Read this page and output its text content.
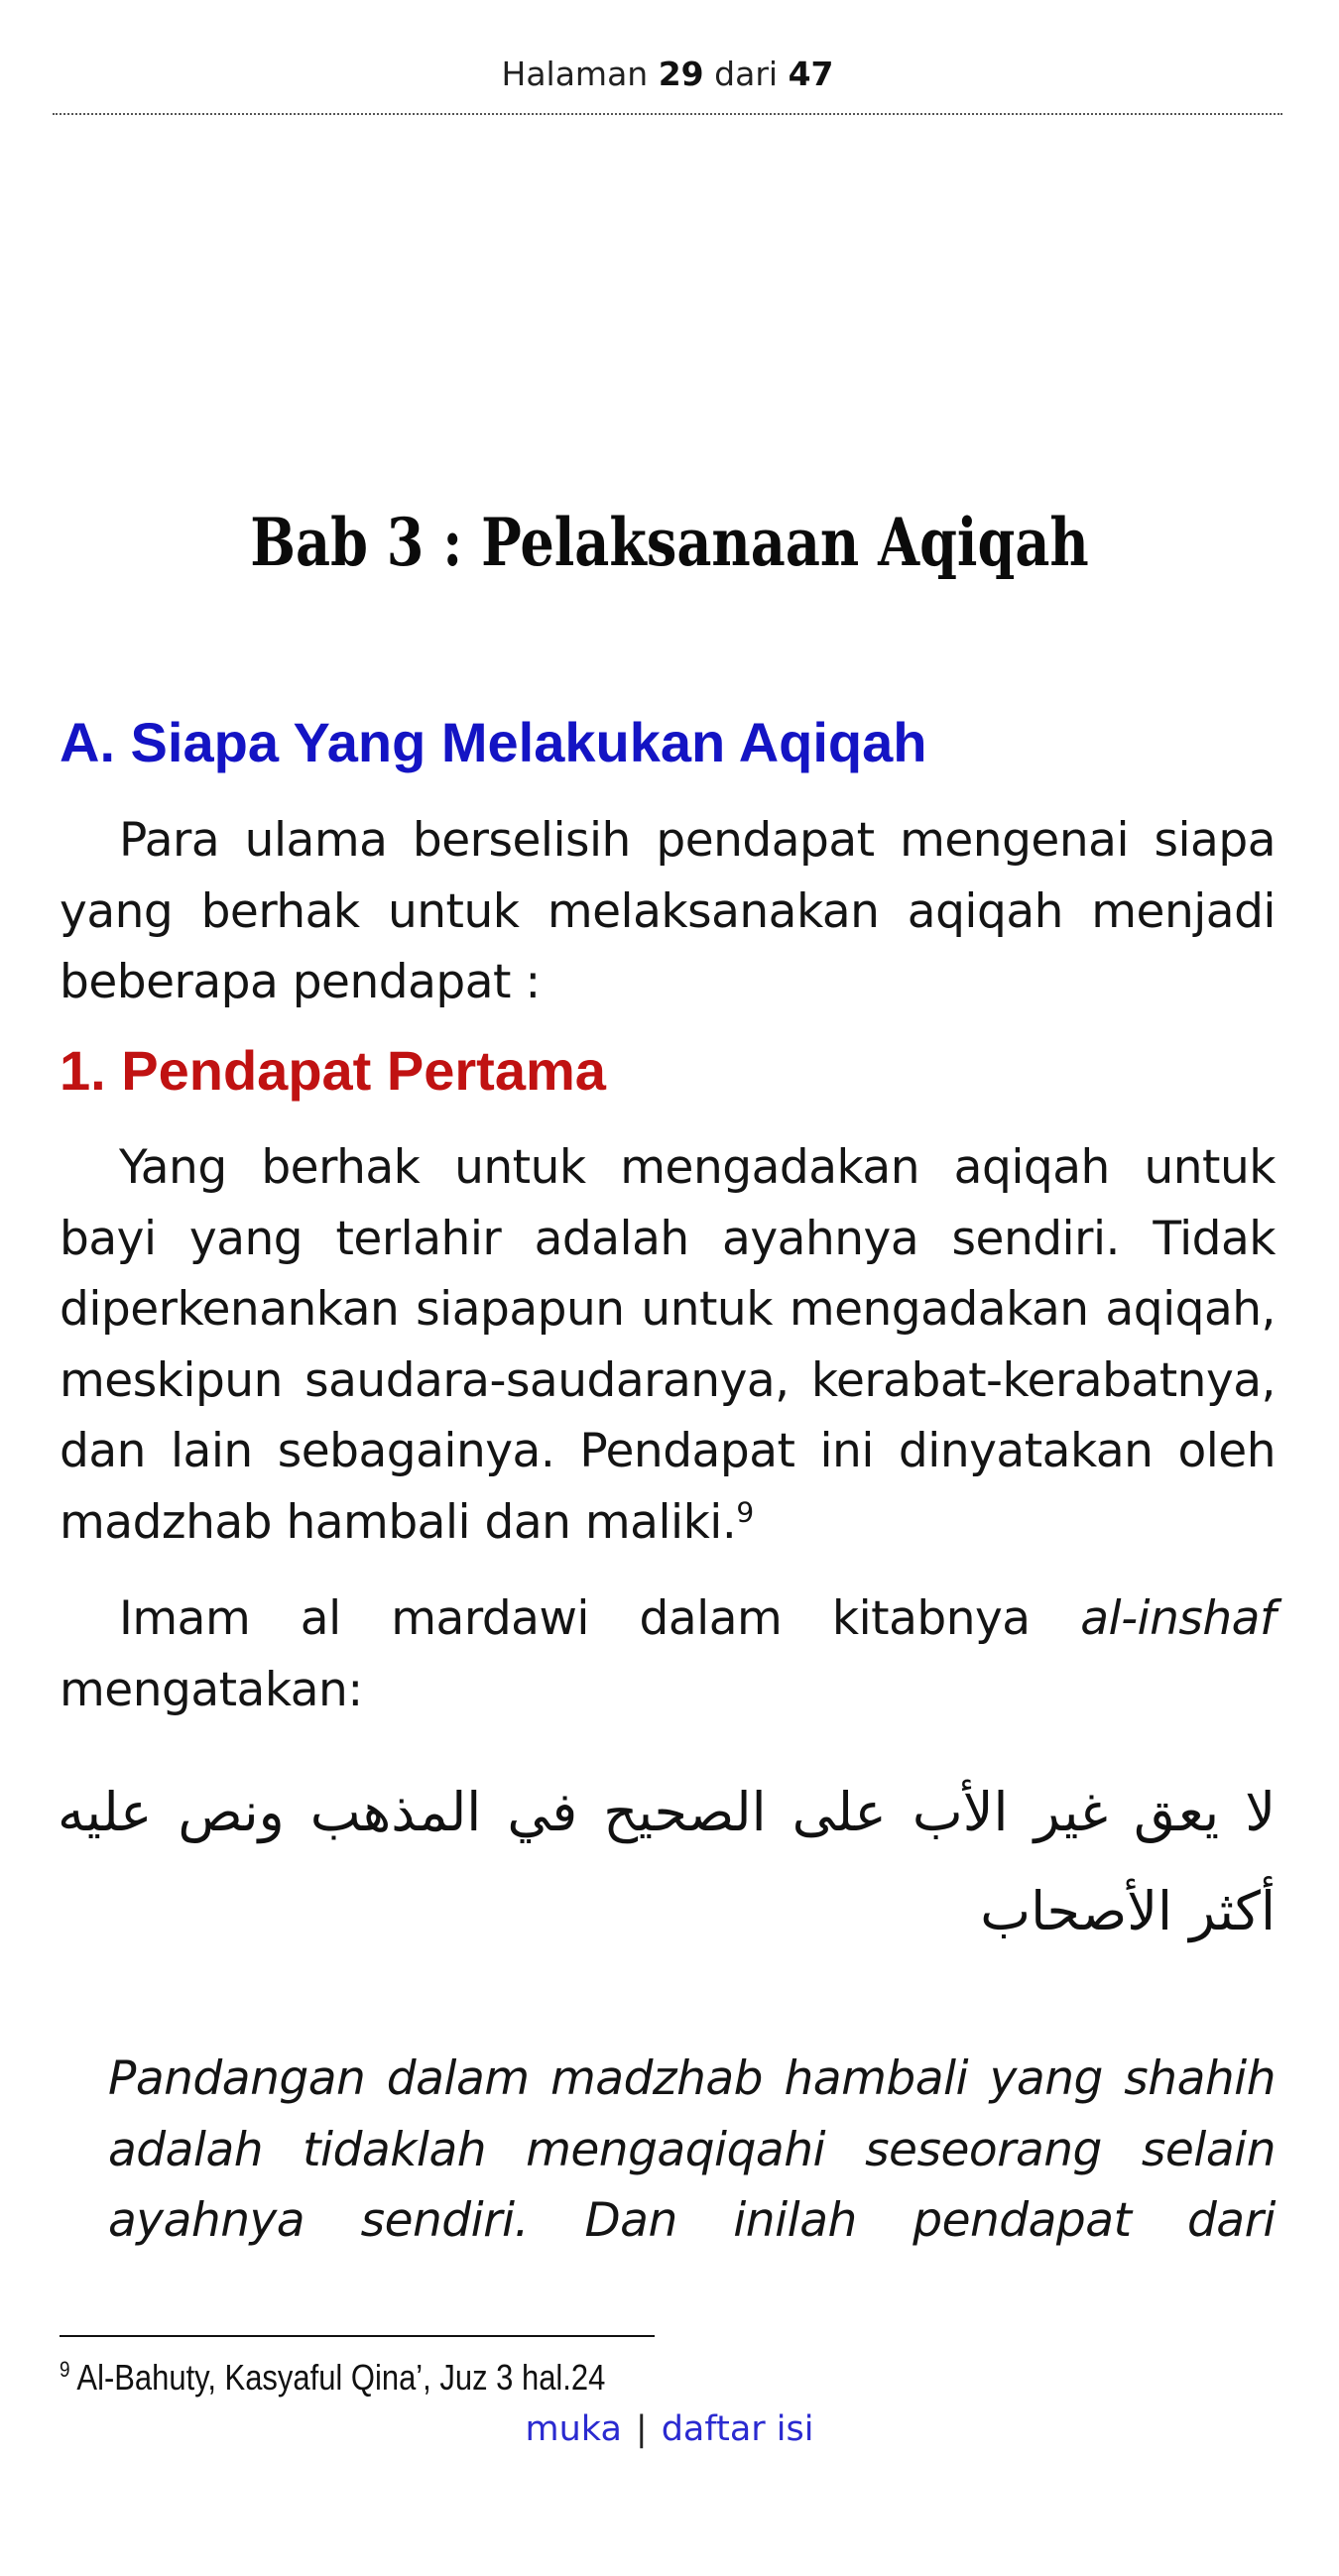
Halaman 29 dari 47
Bab 3 : Pelaksanaan Aqiqah
A. Siapa Yang Melakukan Aqiqah
Para ulama berselisih pendapat mengenai siapa yang berhak untuk melaksanakan aqiqah menjadi beberapa pendapat :
1. Pendapat Pertama
Yang berhak untuk mengadakan aqiqah untuk bayi yang terlahir adalah ayahnya sendiri. Tidak diperkenankan siapapun untuk mengadakan aqiqah, meskipun saudara-saudaranya, kerabat-kerabatnya, dan lain sebagainya. Pendapat ini dinyatakan oleh madzhab hambali dan maliki.$^9$
Imam al mardawi dalam kitabnya al-inshaf mengatakan:
لا يعق غير الأب على الصحيح في المذهب ونص عليه أكثر الأصحاب
Pandangan dalam madzhab hambali yang shahih adalah tidaklah mengaqiqahi seseorang selain ayahnya sendiri. Dan inilah pendapat dari
$^9$ Al-Bahuty, Kasyaful Qina’, Juz 3 hal.24
muka | daftar isi
